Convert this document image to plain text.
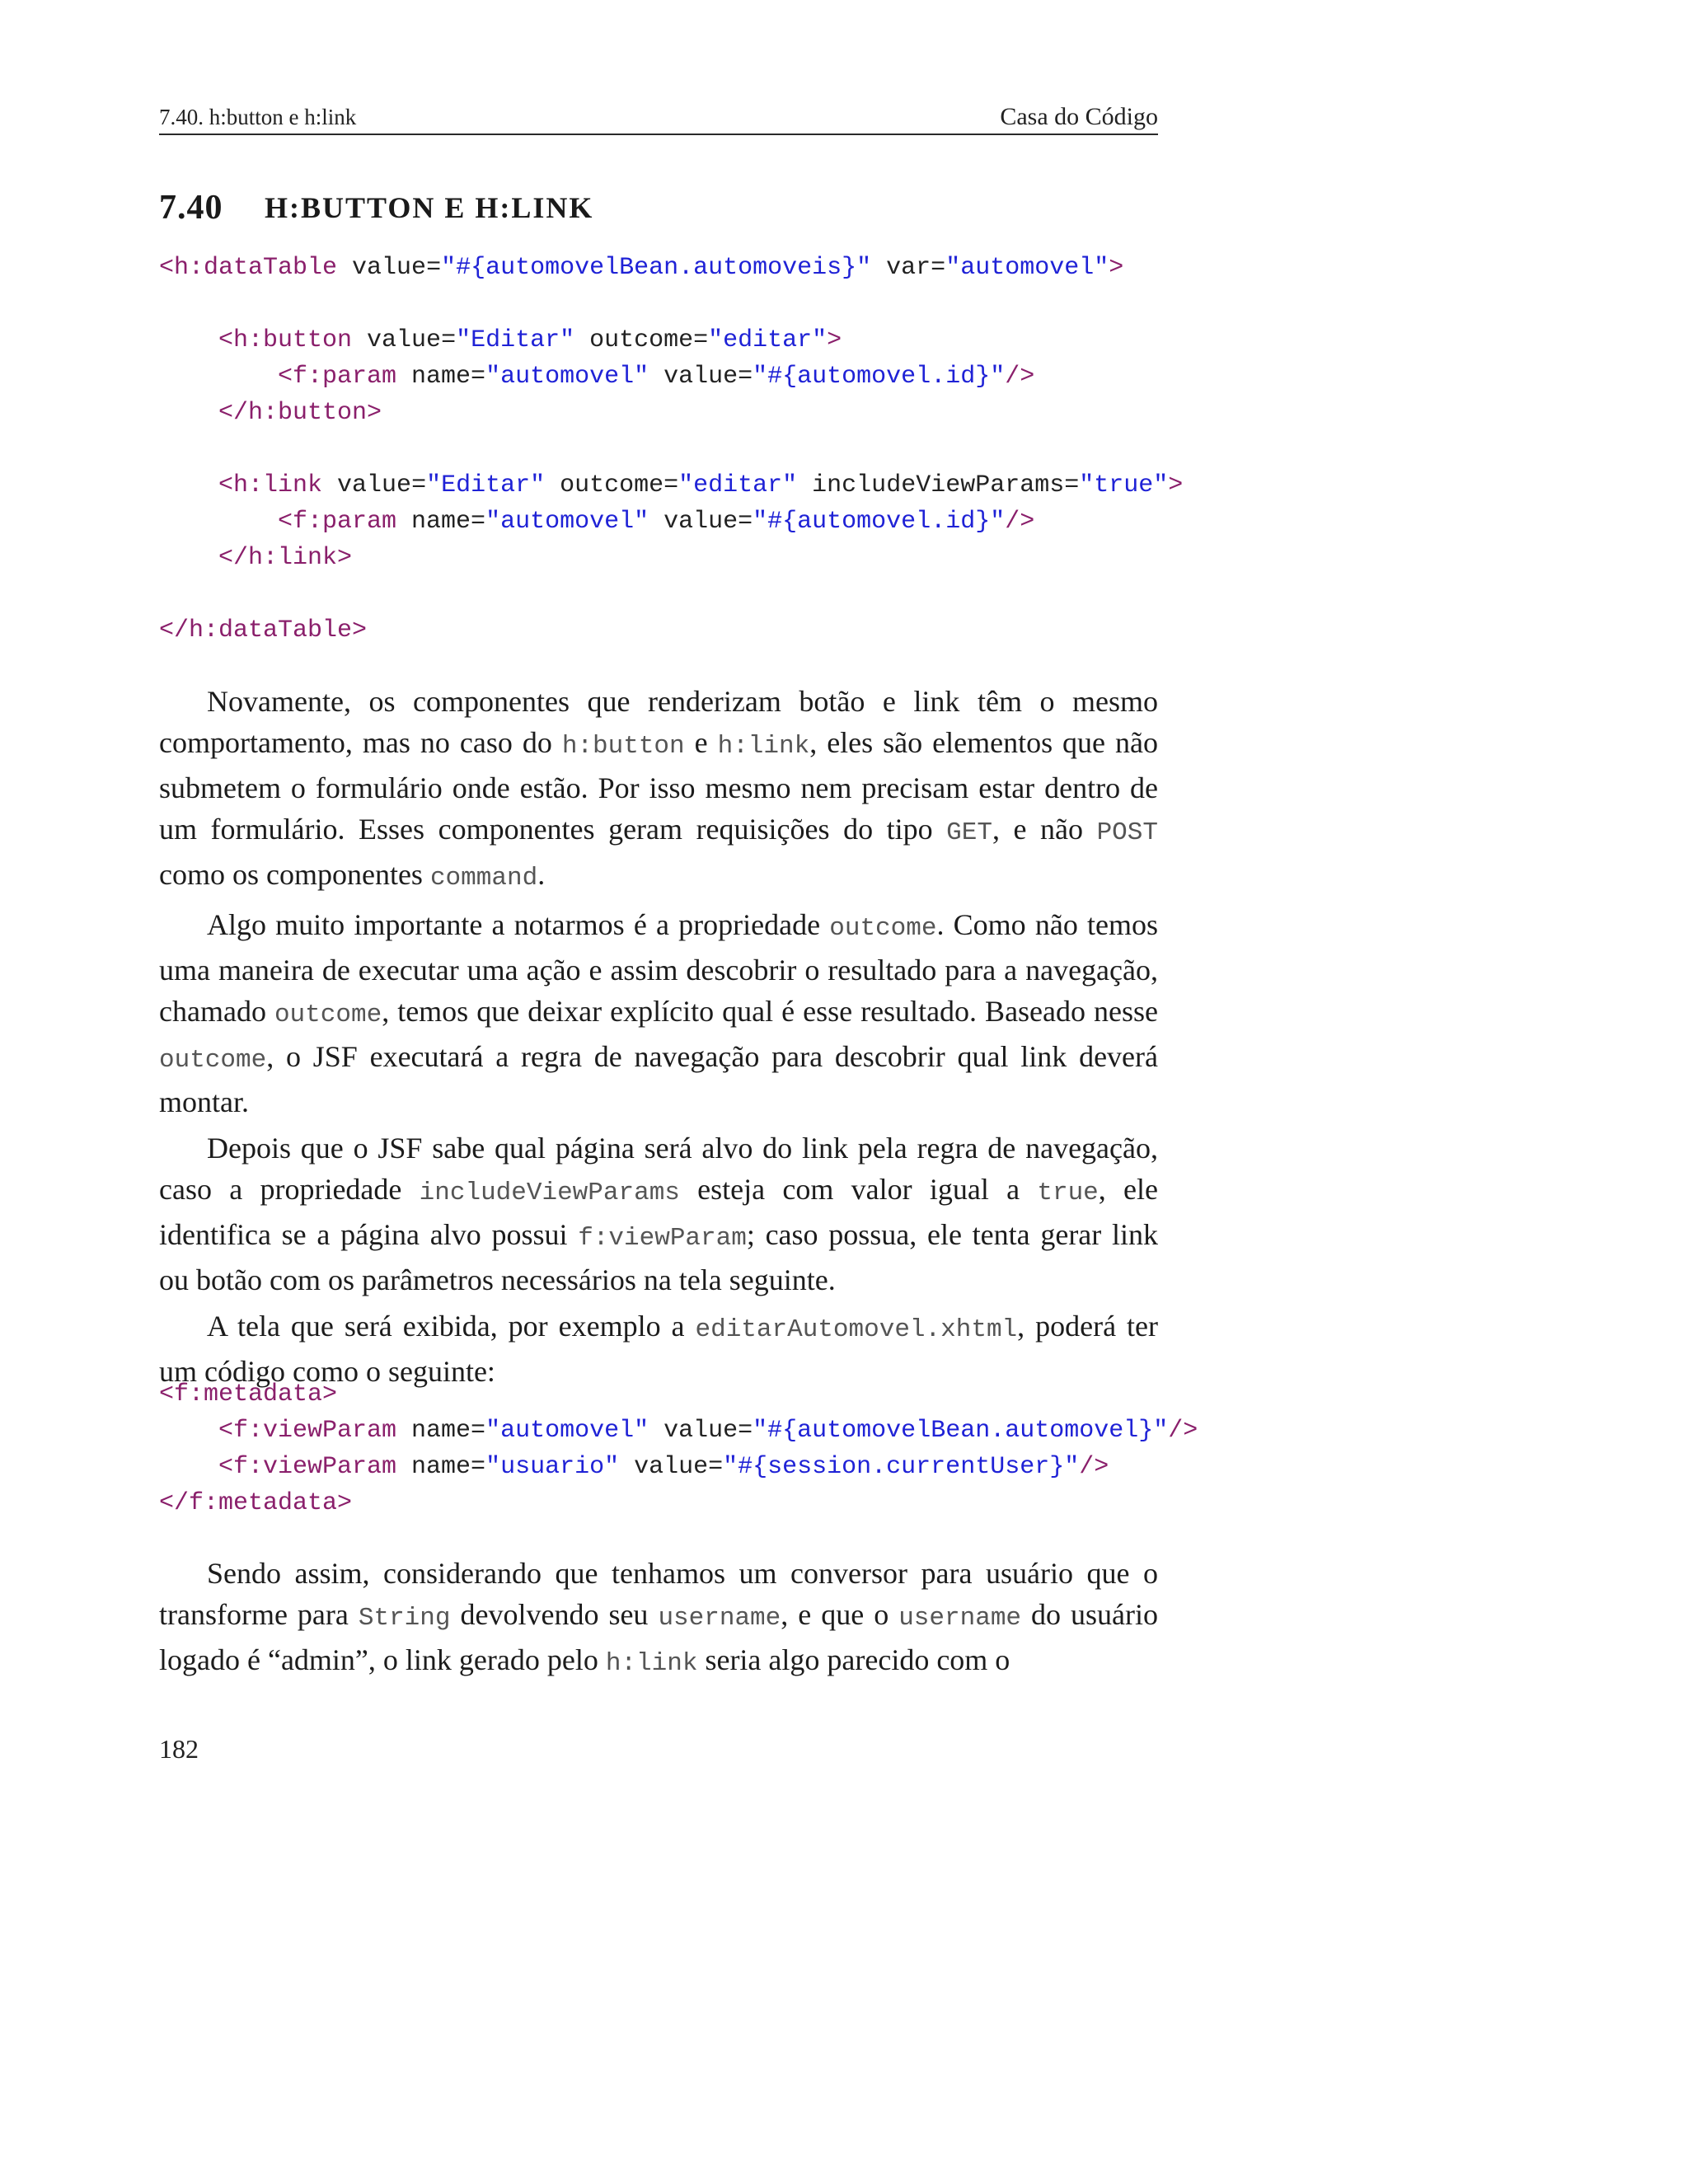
7.40. h:button e h:link	Casa do Código
7.40 H:BUTTON E H:LINK
<h:dataTable value="#{automovelBean.automoveis}" var="automovel">
<h:button value="Editar" outcome="editar">
<f:param name="automovel" value="#{automovel.id}"/>
</h:button>
<h:link value="Editar" outcome="editar" includeViewParams="true">
<f:param name="automovel" value="#{automovel.id}"/>
</h:link>
</h:dataTable>

Novamente, os componentes que renderizam botão e link têm o mesmo comportamento, mas no caso do h:button e h:link, eles são elementos que não submetem o formulário onde estão. Por isso mesmo nem precisam estar dentro de um formulário. Esses componentes geram requisições do tipo GET, e não POST como os componentes command.

Algo muito importante a notarmos é a propriedade outcome. Como não temos uma maneira de executar uma ação e assim descobrir o resultado para a navegação, chamado outcome, temos que deixar explícito qual é esse resultado. Baseado nesse outcome, o JSF executará a regra de navegação para descobrir qual link deverá montar.

Depois que o JSF sabe qual página será alvo do link pela regra de navegação, caso a propriedade includeViewParams esteja com valor igual a true, ele identifica se a página alvo possui f:viewParam; caso possua, ele tenta gerar link ou botão com os parâmetros necessários na tela seguinte.

A tela que será exibida, por exemplo a editarAutomovel.xhtml, poderá ter um código como o seguinte:

<f:metadata>
<f:viewParam name="automovel" value="#{automovelBean.automovel}"/>
<f:viewParam name="usuario" value="#{session.currentUser}"/>
</f:metadata>

Sendo assim, considerando que tenhamos um conversor para usuário que o transforme para String devolvendo seu username, e que o username do usuário logado é “admin”, o link gerado pelo h:link seria algo parecido com o

182
